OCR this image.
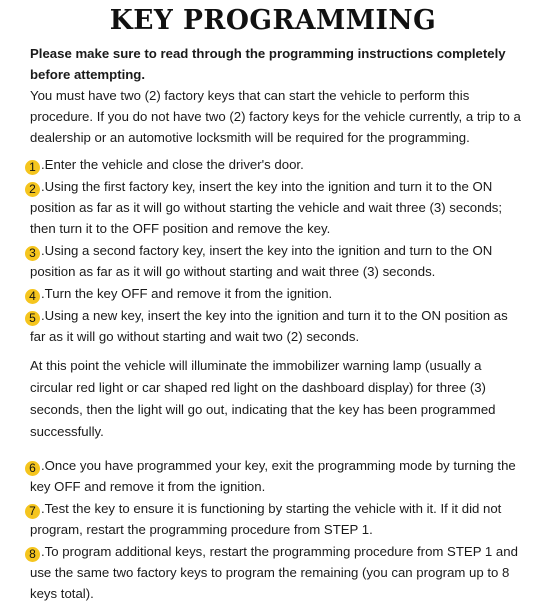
KEY PROGRAMMING

Please make sure to read through the programming instructions completely before attempting.

You must have two (2) factory keys that can start the vehicle to perform this procedure. If you do not have two (2) factory keys for the vehicle currently, a trip to a dealership or an automotive locksmith will be required for the programming.

1 .Enter the vehicle and close the driver's door.

2 .Using the first factory key, insert the key into the ignition and turn it to the ON position as far as it will go without starting the vehicle and wait three (3) seconds; then turn it to the OFF position and remove the key.

3 .Using a second factory key, insert the key into the ignition and turn to the ON position as far as it will go without starting and wait three (3) seconds.

4 .Turn the key OFF and remove it from the ignition.

5 .Using a new key, insert the key into the ignition and turn it to the ON position as far as it will go without starting and wait two (2) seconds.

At this point the vehicle will illuminate the immobilizer warning lamp (usually a circular red light or car shaped red light on the dashboard display) for three (3) seconds, then the light will go out, indicating that the key has been programmed successfully.

6 .Once you have programmed your key, exit the programming mode by turning the key OFF and remove it from the ignition.

7 .Test the key to ensure it is functioning by starting the vehicle with it. If it did not program, restart the programming procedure from STEP 1.

8 .To program additional keys, restart the programming procedure from STEP 1 and use the same two factory keys to program the remaining (you can program up to 8 keys total).
